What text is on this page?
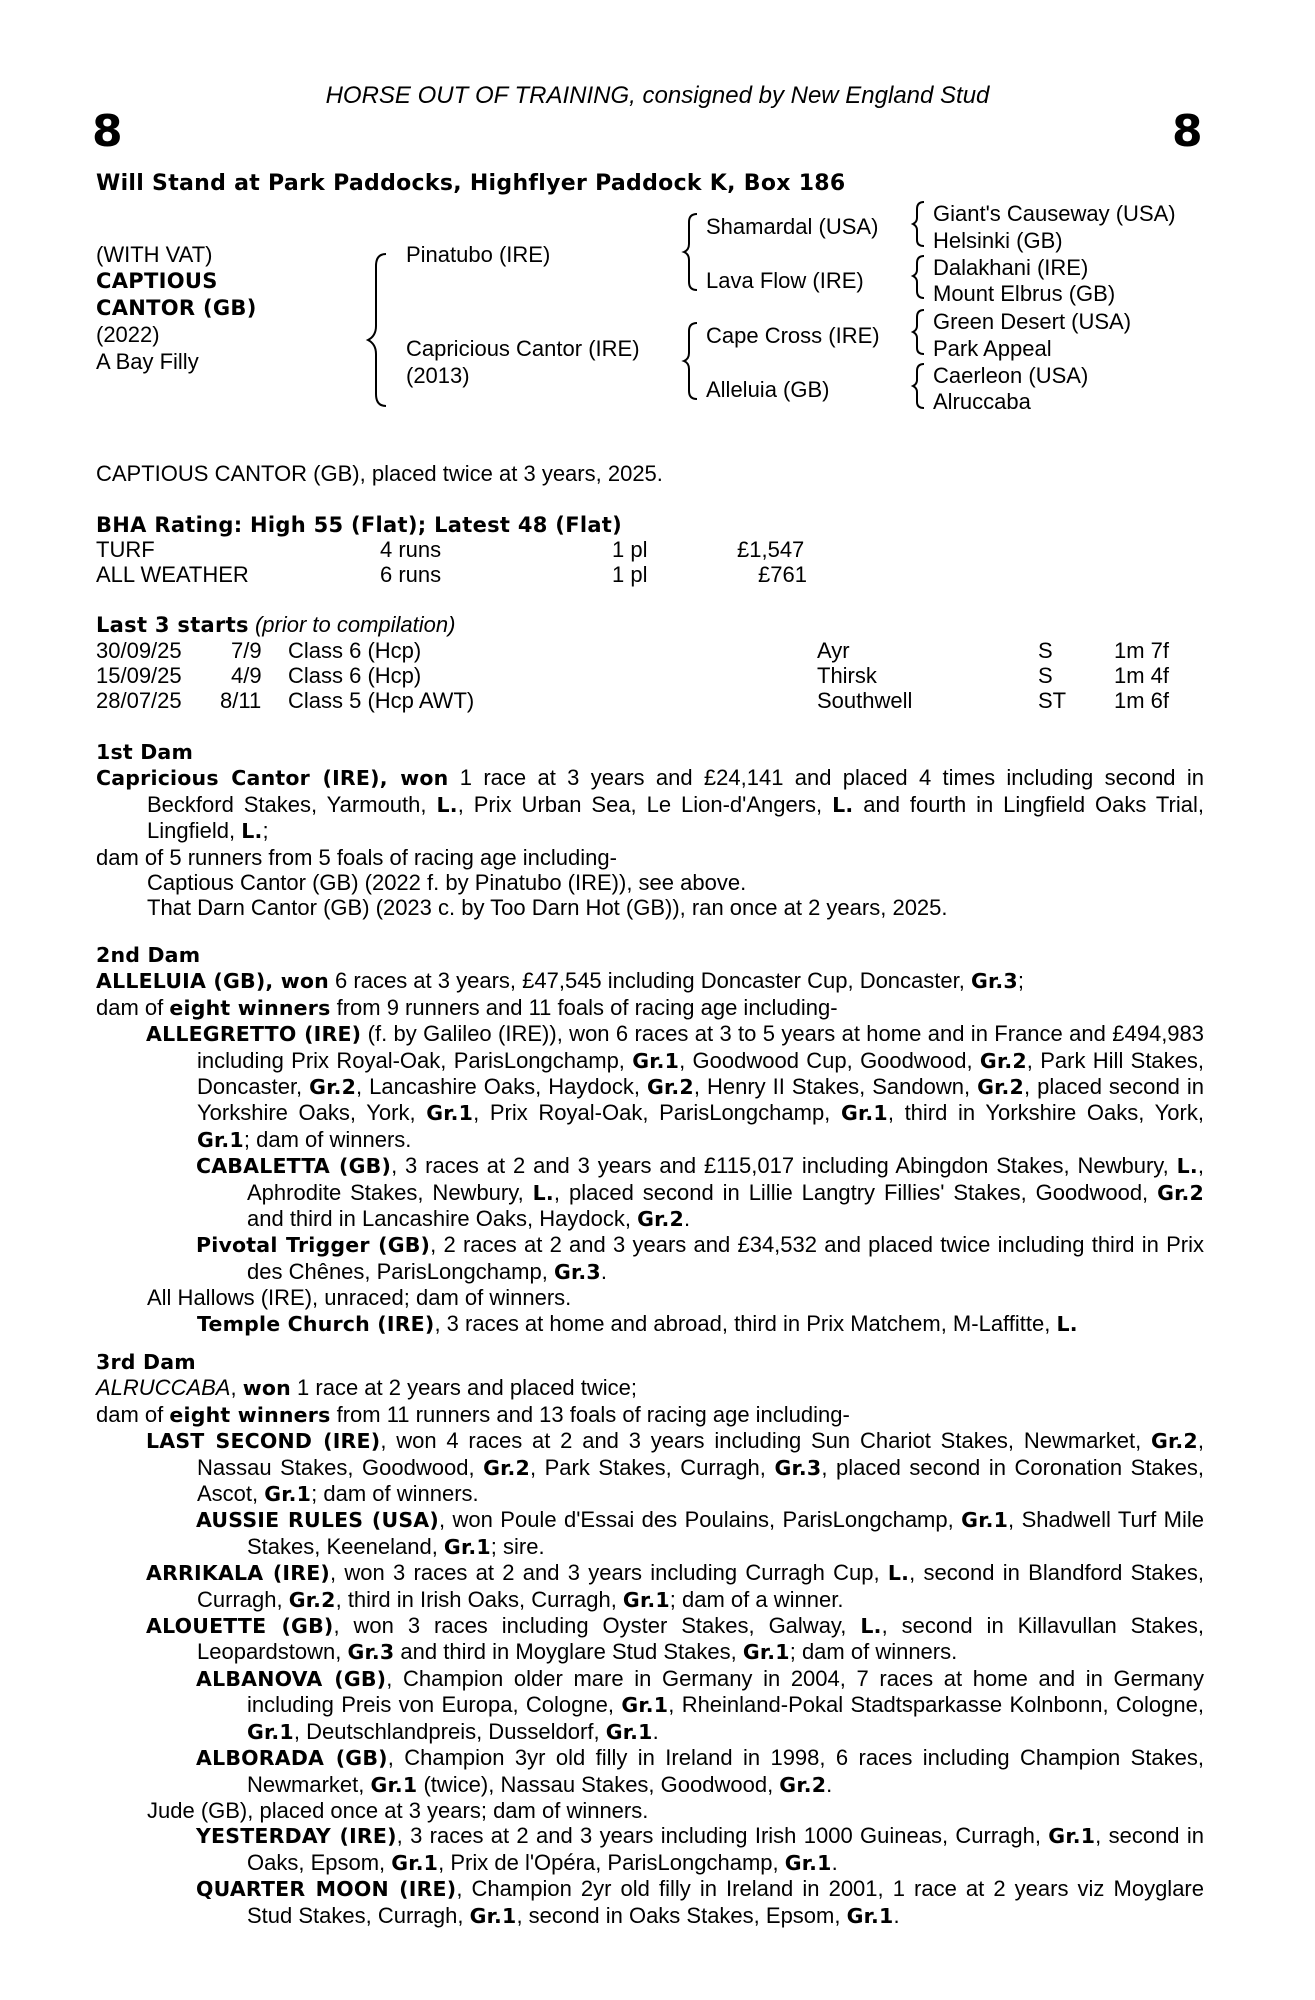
HORSE OUT OF TRAINING, consigned by New England Stud
8	8
Will Stand at Park Paddocks, Highflyer Paddock K, Box 186
(WITH VAT)
CAPTIOUS
CANTOR (GB)
(2022)
A Bay Filly
Pinatubo (IRE)
Capricious Cantor (IRE)
(2013)
Shamardal (USA)
Lava Flow (IRE)
Cape Cross (IRE)
Alleluia (GB)
Giant's Causeway (USA)
Helsinki (GB)
Dalakhani (IRE)
Mount Elbrus (GB)
Green Desert (USA)
Park Appeal
Caerleon (USA)
Alruccaba
CAPTIOUS CANTOR (GB), placed twice at 3 years, 2025.
BHA Rating: High 55 (Flat); Latest 48 (Flat)
TURF	4 runs	1 pl	£1,547
ALL WEATHER	6 runs	1 pl	£761
Last 3 starts (prior to compilation)
30/09/25 7/9 Class 6 (Hcp)	Ayr	S	1m 7f
15/09/25 4/9 Class 6 (Hcp)	Thirsk	S	1m 4f
28/07/25 8/11 Class 5 (Hcp AWT)	Southwell	ST 1m 6f

1st Dam

Capricious Cantor (IRE), won 1 race at 3 years and £24,141 and placed 4 times including second in Beckford Stakes, Yarmouth, L., Prix Urban Sea, Le Lion-d'Angers, L. and fourth in Lingfield Oaks Trial, Lingfield, L.;

dam of 5 runners from 5 foals of racing age including-

Captious Cantor (GB) (2022 f. by Pinatubo (IRE)), see above.

That Darn Cantor (GB) (2023 c. by Too Darn Hot (GB)), ran once at 2 years, 2025.

2nd Dam

ALLELUIA (GB), won 6 races at 3 years, £47,545 including Doncaster Cup, Doncaster, Gr.3;

dam of eight winners from 9 runners and 11 foals of racing age including-

ALLEGRETTO (IRE) (f. by Galileo (IRE)), won 6 races at 3 to 5 years at home and in France and £494,983 including Prix Royal-Oak, ParisLongchamp, Gr.1, Goodwood Cup, Goodwood, Gr.2, Park Hill Stakes, Doncaster, Gr.2, Lancashire Oaks, Haydock, Gr.2, Henry II Stakes, Sandown, Gr.2, placed second in Yorkshire Oaks, York, Gr.1, Prix Royal-Oak, ParisLongchamp, Gr.1, third in Yorkshire Oaks, York, Gr.1; dam of winners.

CABALETTA (GB), 3 races at 2 and 3 years and £115,017 including Abingdon Stakes, Newbury, L., Aphrodite Stakes, Newbury, L., placed second in Lillie Langtry Fillies' Stakes, Goodwood, Gr.2 and third in Lancashire Oaks, Haydock, Gr.2.

Pivotal Trigger (GB), 2 races at 2 and 3 years and £34,532 and placed twice including third in Prix des Chênes, ParisLongchamp, Gr.3.

All Hallows (IRE), unraced; dam of winners.

Temple Church (IRE), 3 races at home and abroad, third in Prix Matchem, M-Laffitte, L.

3rd Dam

ALRUCCABA, won 1 race at 2 years and placed twice;

dam of eight winners from 11 runners and 13 foals of racing age including-

LAST SECOND (IRE), won 4 races at 2 and 3 years including Sun Chariot Stakes, Newmarket, Gr.2, Nassau Stakes, Goodwood, Gr.2, Park Stakes, Curragh, Gr.3, placed second in Coronation Stakes, Ascot, Gr.1; dam of winners.

AUSSIE RULES (USA), won Poule d'Essai des Poulains, ParisLongchamp, Gr.1, Shadwell Turf Mile Stakes, Keeneland, Gr.1; sire.

ARRIKALA (IRE), won 3 races at 2 and 3 years including Curragh Cup, L., second in Blandford Stakes, Curragh, Gr.2, third in Irish Oaks, Curragh, Gr.1; dam of a winner.

ALOUETTE (GB), won 3 races including Oyster Stakes, Galway, L., second in Killavullan Stakes, Leopardstown, Gr.3 and third in Moyglare Stud Stakes, Gr.1; dam of winners.

ALBANOVA (GB), Champion older mare in Germany in 2004, 7 races at home and in Germany including Preis von Europa, Cologne, Gr.1, Rheinland-Pokal Stadtsparkasse Kolnbonn, Cologne, Gr.1, Deutschlandpreis, Dusseldorf, Gr.1.

ALBORADA (GB), Champion 3yr old filly in Ireland in 1998, 6 races including Champion Stakes, Newmarket, Gr.1 (twice), Nassau Stakes, Goodwood, Gr.2.

Jude (GB), placed once at 3 years; dam of winners.

YESTERDAY (IRE), 3 races at 2 and 3 years including Irish 1000 Guineas, Curragh, Gr.1, second in Oaks, Epsom, Gr.1, Prix de l'Opéra, ParisLongchamp, Gr.1.

QUARTER MOON (IRE), Champion 2yr old filly in Ireland in 2001, 1 race at 2 years viz Moyglare Stud Stakes, Curragh, Gr.1, second in Oaks Stakes, Epsom, Gr.1.
